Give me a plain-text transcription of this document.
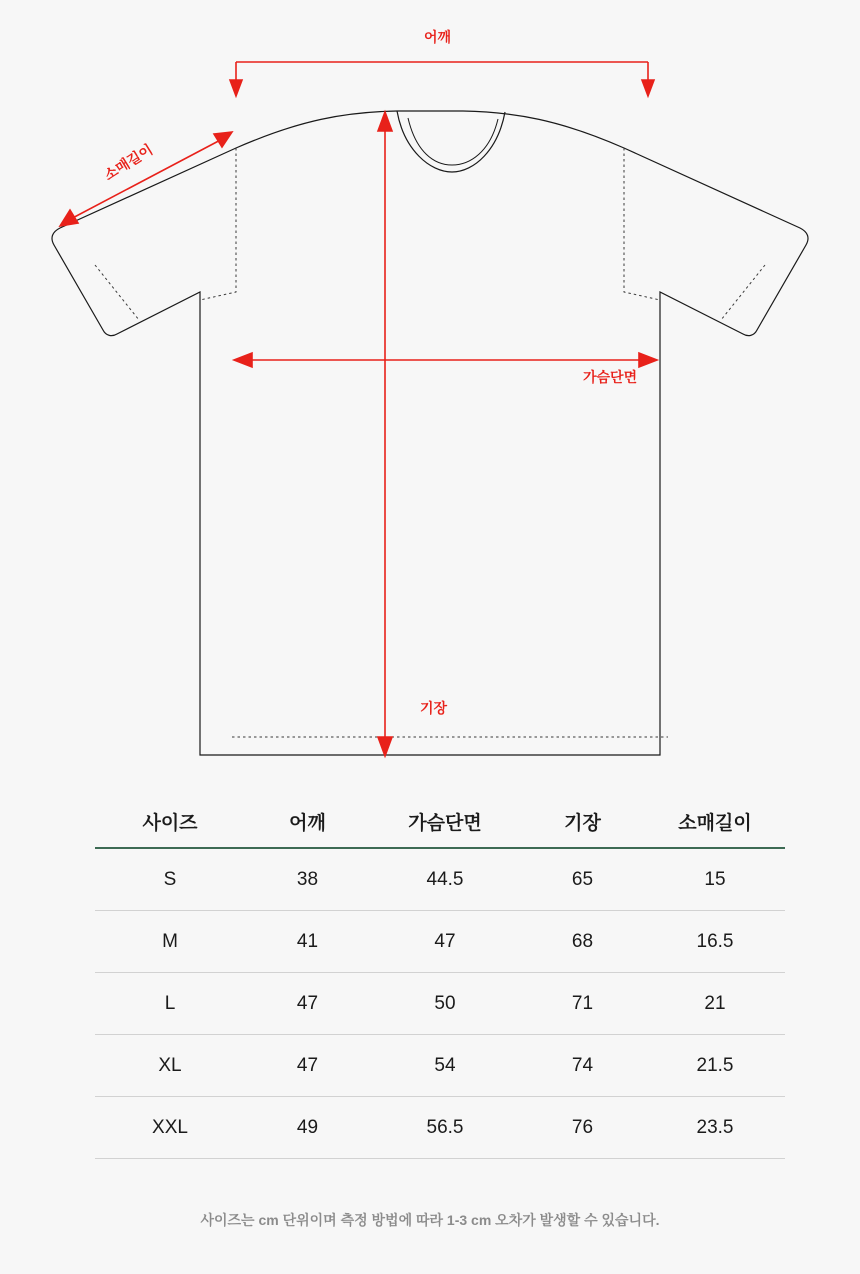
어깨
소매길이
가슴단면
기장
사이즈	어깨	가슴단면	기장	소매길이
S	38	44.5	65	15
M	41	47	68	16.5
L	47	50	71	21
XL	47	54	74	21.5
XXL	49	56.5	76	23.5
사이즈는 cm 단위이며 측정 방법에 따라 1-3 cm 오차가 발생할 수 있습니다.
